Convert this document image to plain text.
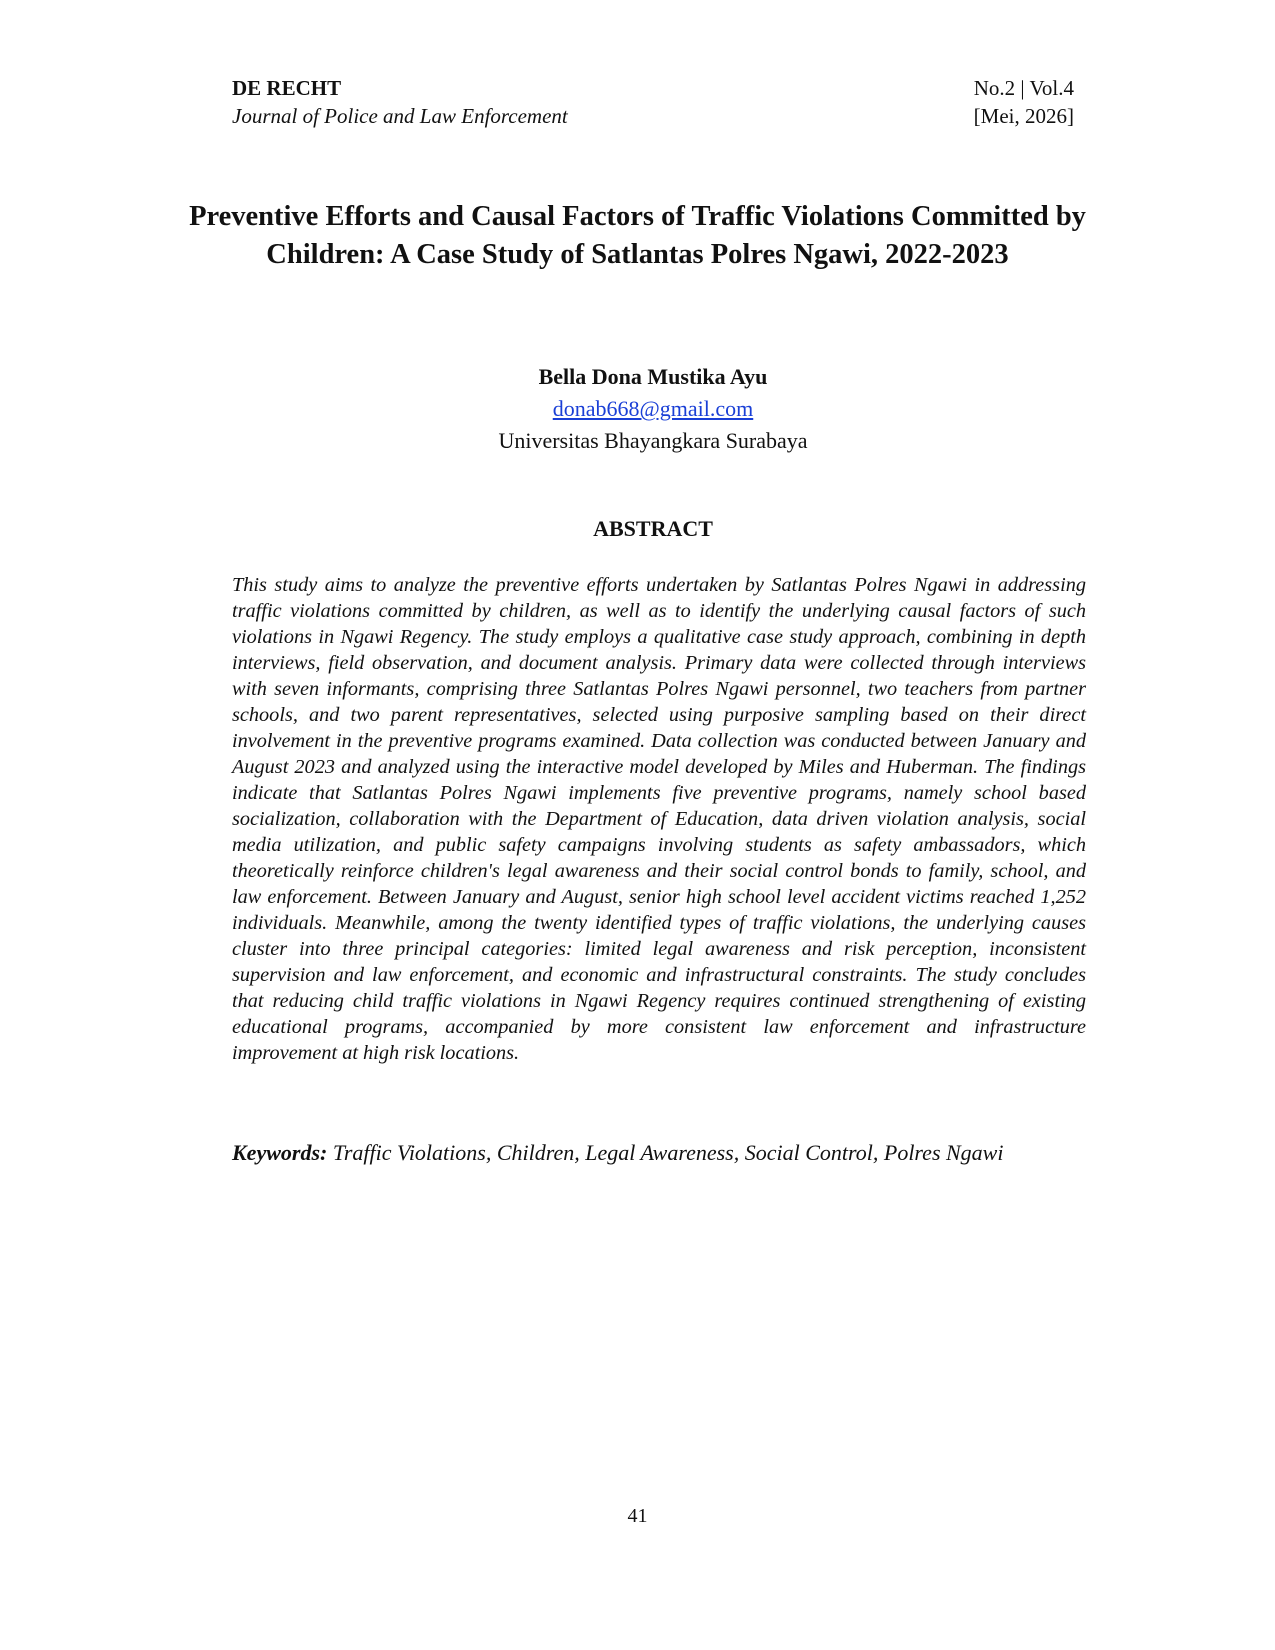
DE RECHT	No.2 | Vol.4
Journal of Police and Law Enforcement	[Mei, 2026]
Preventive Efforts and Causal Factors of Traffic Violations Committed by Children: A Case Study of Satlantas Polres Ngawi, 2022-2023
Bella Dona Mustika Ayu
donab668@gmail.com
Universitas Bhayangkara Surabaya
ABSTRACT

This study aims to analyze the preventive efforts undertaken by Satlantas Polres Ngawi in addressing traffic violations committed by children, as well as to identify the underlying causal factors of such violations in Ngawi Regency. The study employs a qualitative case study approach, combining in depth interviews, field observation, and document analysis. Primary data were collected through interviews with seven informants, comprising three Satlantas Polres Ngawi personnel, two teachers from partner schools, and two parent representatives, selected using purposive sampling based on their direct involvement in the preventive programs examined. Data collection was conducted between January and August 2023 and analyzed using the interactive model developed by Miles and Huberman. The findings indicate that Satlantas Polres Ngawi implements five preventive programs, namely school based socialization, collaboration with the Department of Education, data driven violation analysis, social media utilization, and public safety campaigns involving students as safety ambassadors, which theoretically reinforce children's legal awareness and their social control bonds to family, school, and law enforcement. Between January and August, senior high school level accident victims reached 1,252 individuals. Meanwhile, among the twenty identified types of traffic violations, the underlying causes cluster into three principal categories: limited legal awareness and risk perception, inconsistent supervision and law enforcement, and economic and infrastructural constraints. The study concludes that reducing child traffic violations in Ngawi Regency requires continued strengthening of existing educational programs, accompanied by more consistent law enforcement and infrastructure improvement at high risk locations.

Keywords: Traffic Violations, Children, Legal Awareness, Social Control, Polres Ngawi

41
